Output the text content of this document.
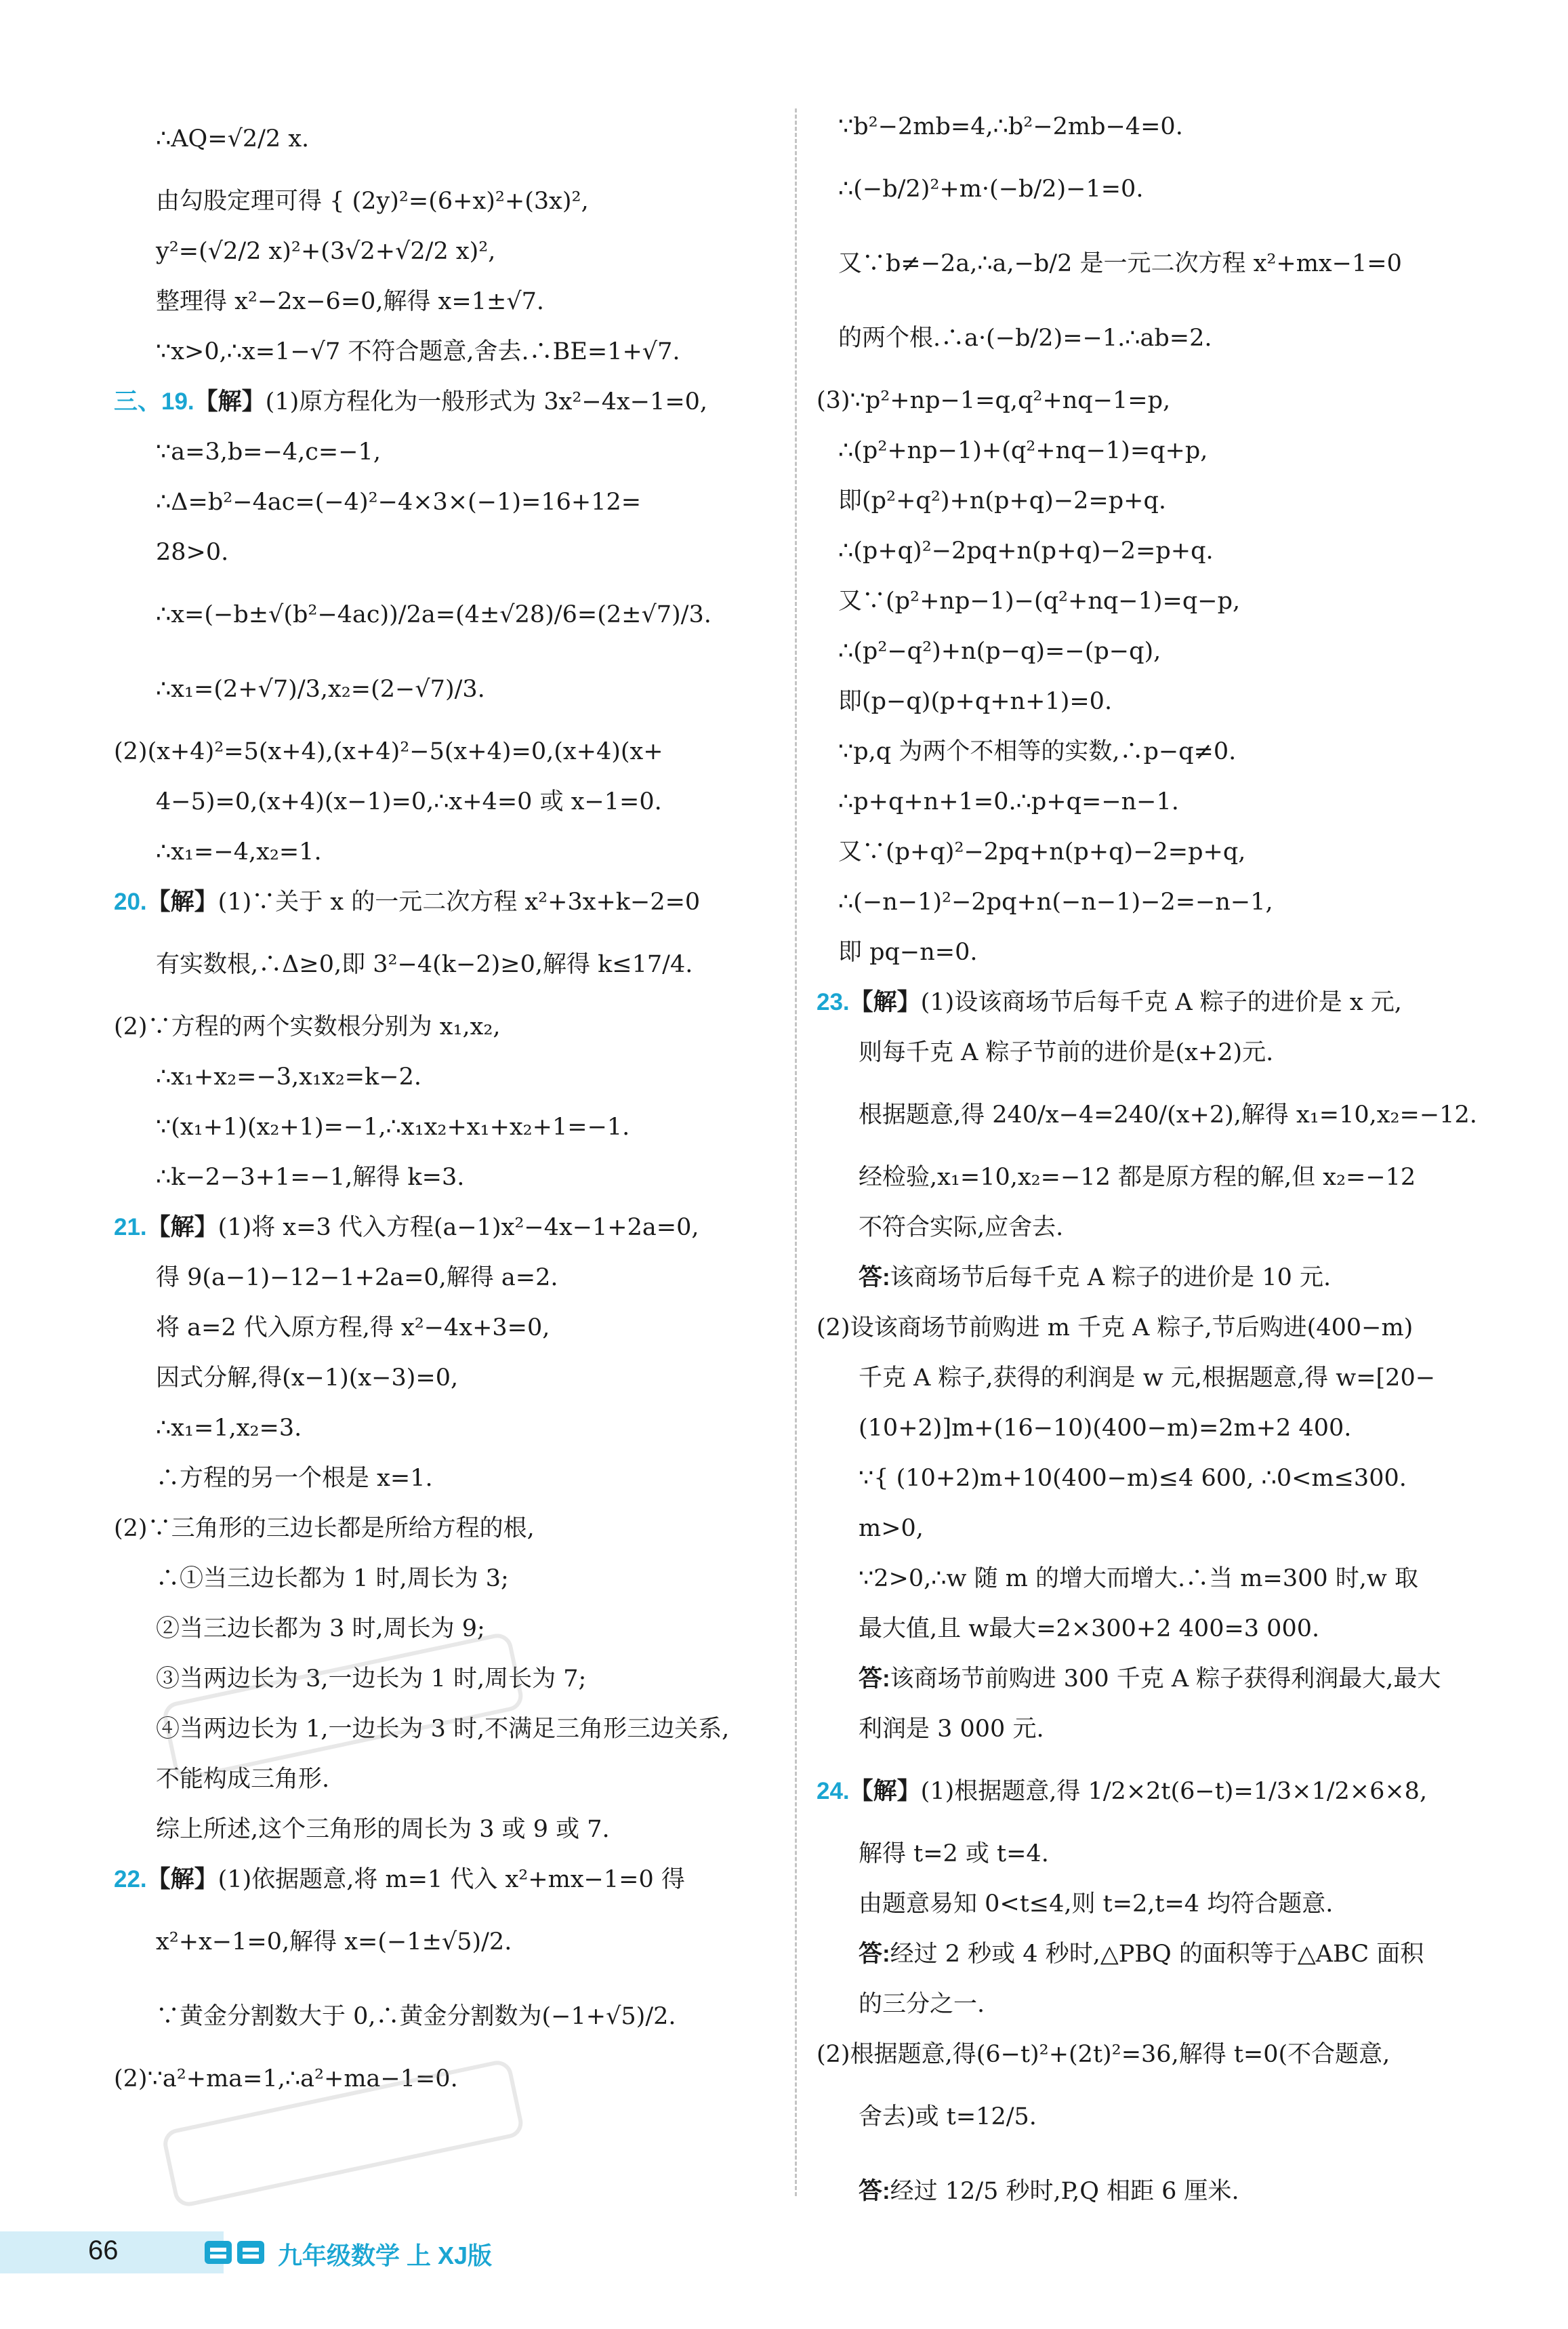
∴AQ=√2/2 x.
由勾股定理可得 { (2y)²=(6+x)²+(3x)²,
y²=(√2/2 x)²+(3√2+√2/2 x)²,
整理得 x²−2x−6=0,解得 x=1±√7.
∵x>0,∴x=1−√7 不符合题意,舍去.∴BE=1+√7.
三、19.【解】(1)原方程化为一般形式为 3x²−4x−1=0,
∵a=3,b=−4,c=−1,
∴Δ=b²−4ac=(−4)²−4×3×(−1)=16+12=
28>0.
∴x=(−b±√(b²−4ac))/2a=(4±√28)/6=(2±√7)/3.
∴x₁=(2+√7)/3,x₂=(2−√7)/3.
(2)(x+4)²=5(x+4),(x+4)²−5(x+4)=0,(x+4)(x+
4−5)=0,(x+4)(x−1)=0,∴x+4=0 或 x−1=0.
∴x₁=−4,x₂=1.
20.【解】(1)∵关于 x 的一元二次方程 x²+3x+k−2=0
有实数根,∴Δ≥0,即 3²−4(k−2)≥0,解得 k≤17/4.
(2)∵方程的两个实数根分别为 x₁,x₂,
∴x₁+x₂=−3,x₁x₂=k−2.
∵(x₁+1)(x₂+1)=−1,∴x₁x₂+x₁+x₂+1=−1.
∴k−2−3+1=−1,解得 k=3.
21.【解】(1)将 x=3 代入方程(a−1)x²−4x−1+2a=0,
得 9(a−1)−12−1+2a=0,解得 a=2.
将 a=2 代入原方程,得 x²−4x+3=0,
因式分解,得(x−1)(x−3)=0,
∴x₁=1,x₂=3.
∴方程的另一个根是 x=1.
(2)∵三角形的三边长都是所给方程的根,
∴①当三边长都为 1 时,周长为 3;
②当三边长都为 3 时,周长为 9;
③当两边长为 3,一边长为 1 时,周长为 7;
④当两边长为 1,一边长为 3 时,不满足三角形三边关系,
不能构成三角形.
综上所述,这个三角形的周长为 3 或 9 或 7.
22.【解】(1)依据题意,将 m=1 代入 x²+mx−1=0 得
x²+x−1=0,解得 x=(−1±√5)/2.
∵黄金分割数大于 0,∴黄金分割数为(−1+√5)/2.
(2)∵a²+ma=1,∴a²+ma−1=0.
∵b²−2mb=4,∴b²−2mb−4=0.
∴(−b/2)²+m·(−b/2)−1=0.
又∵b≠−2a,∴a,−b/2 是一元二次方程 x²+mx−1=0
的两个根.∴a·(−b/2)=−1.∴ab=2.
(3)∵p²+np−1=q,q²+nq−1=p,
∴(p²+np−1)+(q²+nq−1)=q+p,
即(p²+q²)+n(p+q)−2=p+q.
∴(p+q)²−2pq+n(p+q)−2=p+q.
又∵(p²+np−1)−(q²+nq−1)=q−p,
∴(p²−q²)+n(p−q)=−(p−q),
即(p−q)(p+q+n+1)=0.
∵p,q 为两个不相等的实数,∴p−q≠0.
∴p+q+n+1=0.∴p+q=−n−1.
又∵(p+q)²−2pq+n(p+q)−2=p+q,
∴(−n−1)²−2pq+n(−n−1)−2=−n−1,
即 pq−n=0.
23.【解】(1)设该商场节后每千克 A 粽子的进价是 x 元,
则每千克 A 粽子节前的进价是(x+2)元.
根据题意,得 240/x−4=240/(x+2),解得 x₁=10,x₂=−12.
经检验,x₁=10,x₂=−12 都是原方程的解,但 x₂=−12
不符合实际,应舍去.
答:该商场节后每千克 A 粽子的进价是 10 元.
(2)设该商场节前购进 m 千克 A 粽子,节后购进(400−m)
千克 A 粽子,获得的利润是 w 元,根据题意,得 w=[20−
(10+2)]m+(16−10)(400−m)=2m+2 400.
∵{ (10+2)m+10(400−m)≤4 600, ∴0<m≤300.
m>0,
∵2>0,∴w 随 m 的增大而增大.∴当 m=300 时,w 取
最大值,且 w最大=2×300+2 400=3 000.
答:该商场节前购进 300 千克 A 粽子获得利润最大,最大
利润是 3 000 元.
24.【解】(1)根据题意,得 1/2×2t(6−t)=1/3×1/2×6×8,
解得 t=2 或 t=4.
由题意易知 0<t≤4,则 t=2,t=4 均符合题意.
答:经过 2 秒或 4 秒时,△PBQ 的面积等于△ABC 面积
的三分之一.
(2)根据题意,得(6−t)²+(2t)²=36,解得 t=0(不合题意,
舍去)或 t=12/5.
答:经过 12/5 秒时,P,Q 相距 6 厘米.
66	九年级数学 上 XJ版
